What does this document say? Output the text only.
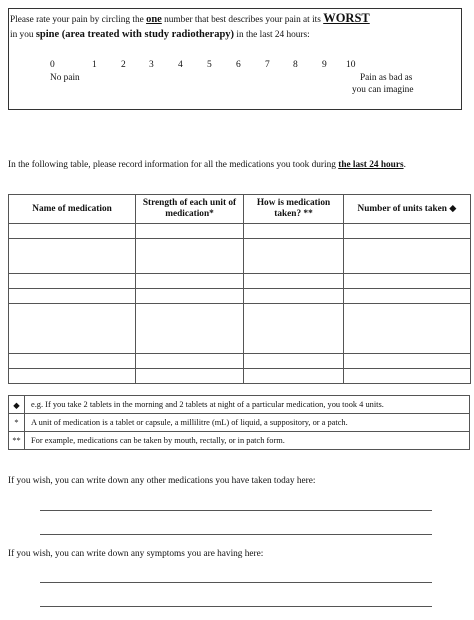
Please rate your pain by circling the one number that best describes your pain at its WORST
in you spine (area treated with study radiotherapy) in the last 24 hours:
0	1	2 3	4	5	6	7 8	9 10
No pain	Pain as bad as
you can imagine
In the following table, please record information for all the medications you took during the last 24 hours.
Name of medication	Strength of each unit of medication*	How is medication taken? **	Number of units taken ◆

◆	e.g. If you take 2 tablets in the morning and 2 tablets at night of a particular medication, you took 4 units.
*	A unit of medication is a tablet or capsule, a millilitre (mL) of liquid, a suppository, or a patch.
**	For example, medications can be taken by mouth, rectally, or in patch form.
If you wish, you can write down any other medications you have taken today here:
If you wish, you can write down any symptoms you are having here:
